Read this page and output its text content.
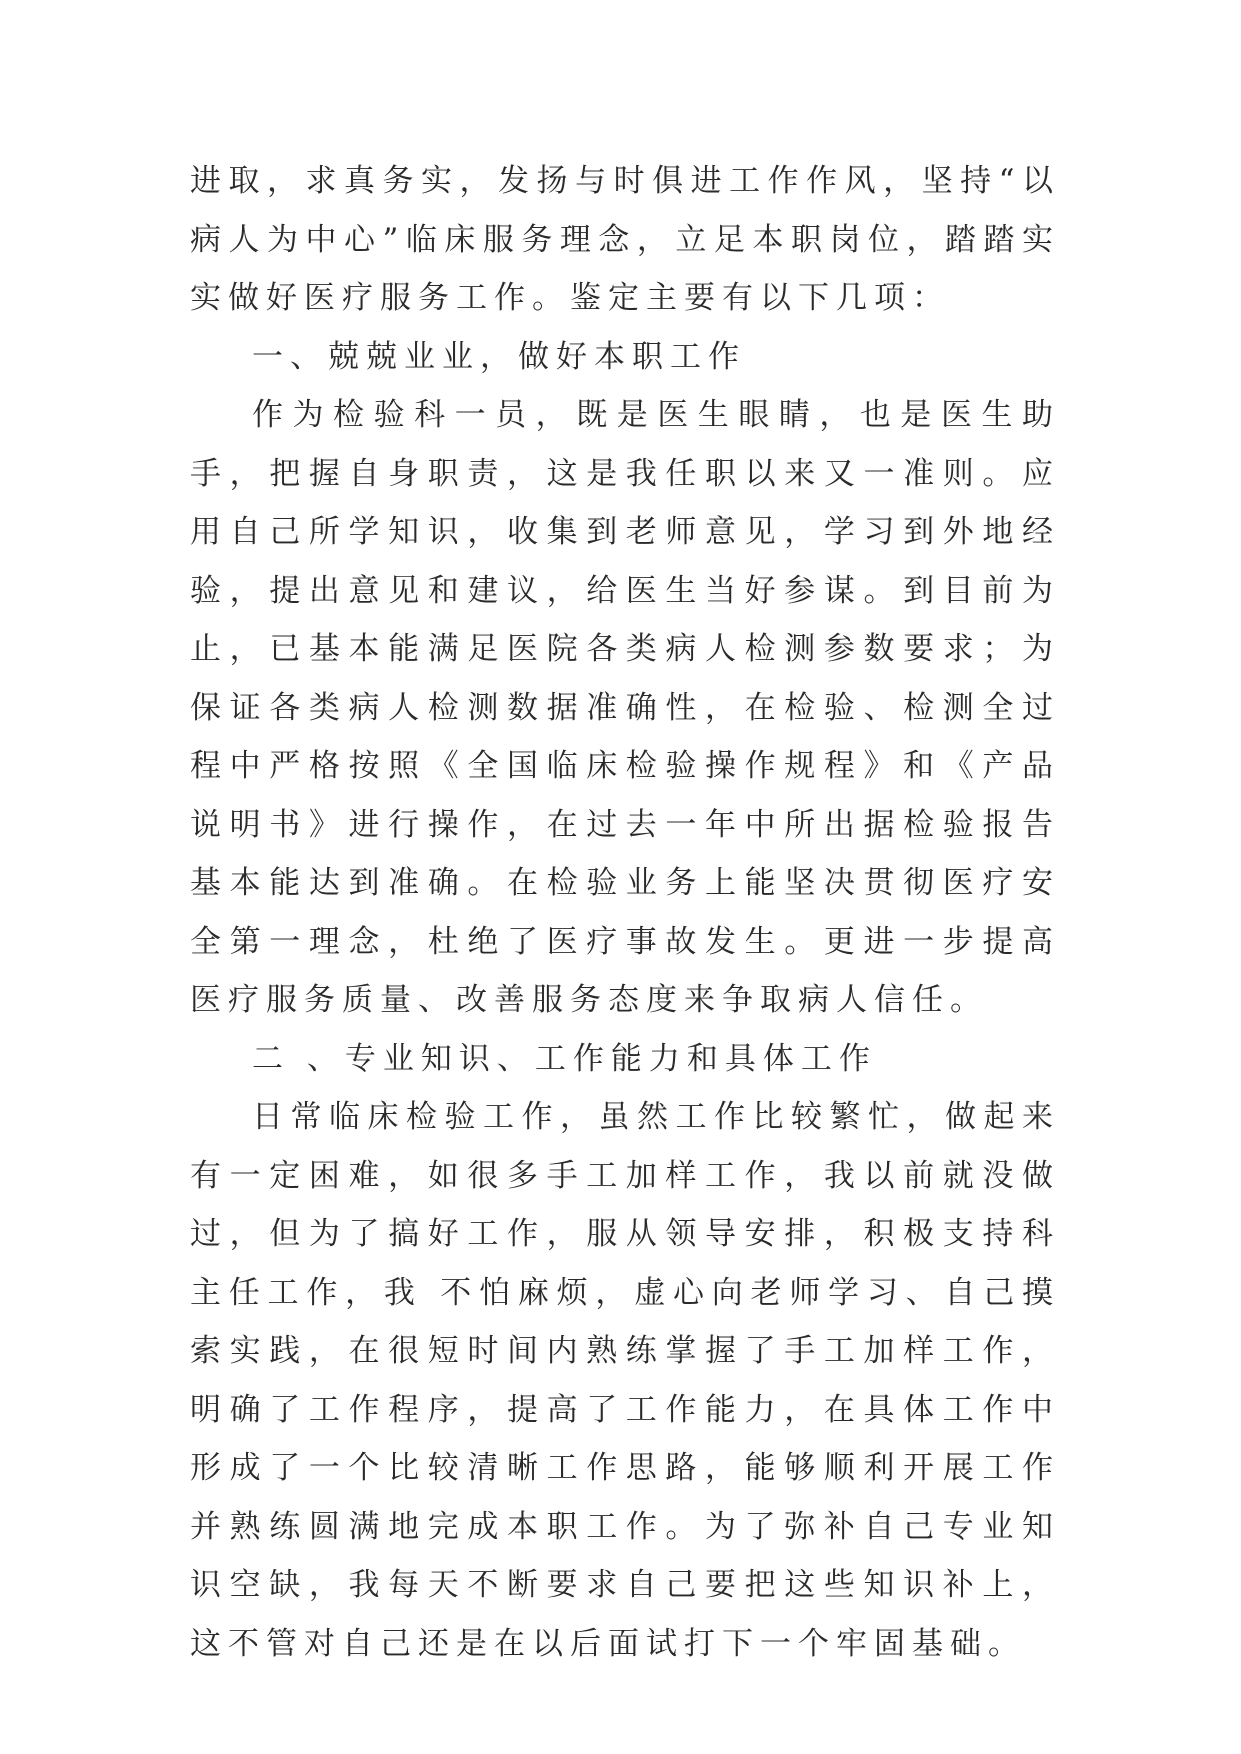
进取，求真务实，发扬与时俱进工作作风，坚持“以病人为中心”临床服务理念，立足本职岗位，踏踏实实做好医疗服务工作。鉴定主要有以下几项：

一、兢兢业业，做好本职工作

作为检验科一员，既是医生眼睛，也是医生助手，把握自身职责，这是我任职以来又一准则。应用自己所学知识，收集到老师意见，学习到外地经验，提出意见和建议，给医生当好参谋。到目前为止，已基本能满足医院各类病人检测参数要求；为保证各类病人检测数据准确性，在检验、检测全过程中严格按照《全国临床检验操作规程》和《产品说明书》进行操作，在过去一年中所出据检验报告基本能达到准确。在检验业务上能坚决贯彻医疗安全第一理念，杜绝了医疗事故发生。更进一步提高医疗服务质量、改善服务态度来争取病人信任。

二 、专业知识、工作能力和具体工作

日常临床检验工作，虽然工作比较繁忙，做起来有一定困难，如很多手工加样工作，我以前就没做过，但为了搞好工作，服从领导安排，积极支持科主任工作，我 不怕麻烦，虚心向老师学习、自己摸索实践，在很短时间内熟练掌握了手工加样工作，明确了工作程序，提高了工作能力，在具体工作中形成了一个比较清晰工作思路，能够顺利开展工作并熟练圆满地完成本职工作。为了弥补自己专业知识空缺，我每天不断要求自己要把这些知识补上，这不管对自己还是在以后面试打下一个牢固基础。
